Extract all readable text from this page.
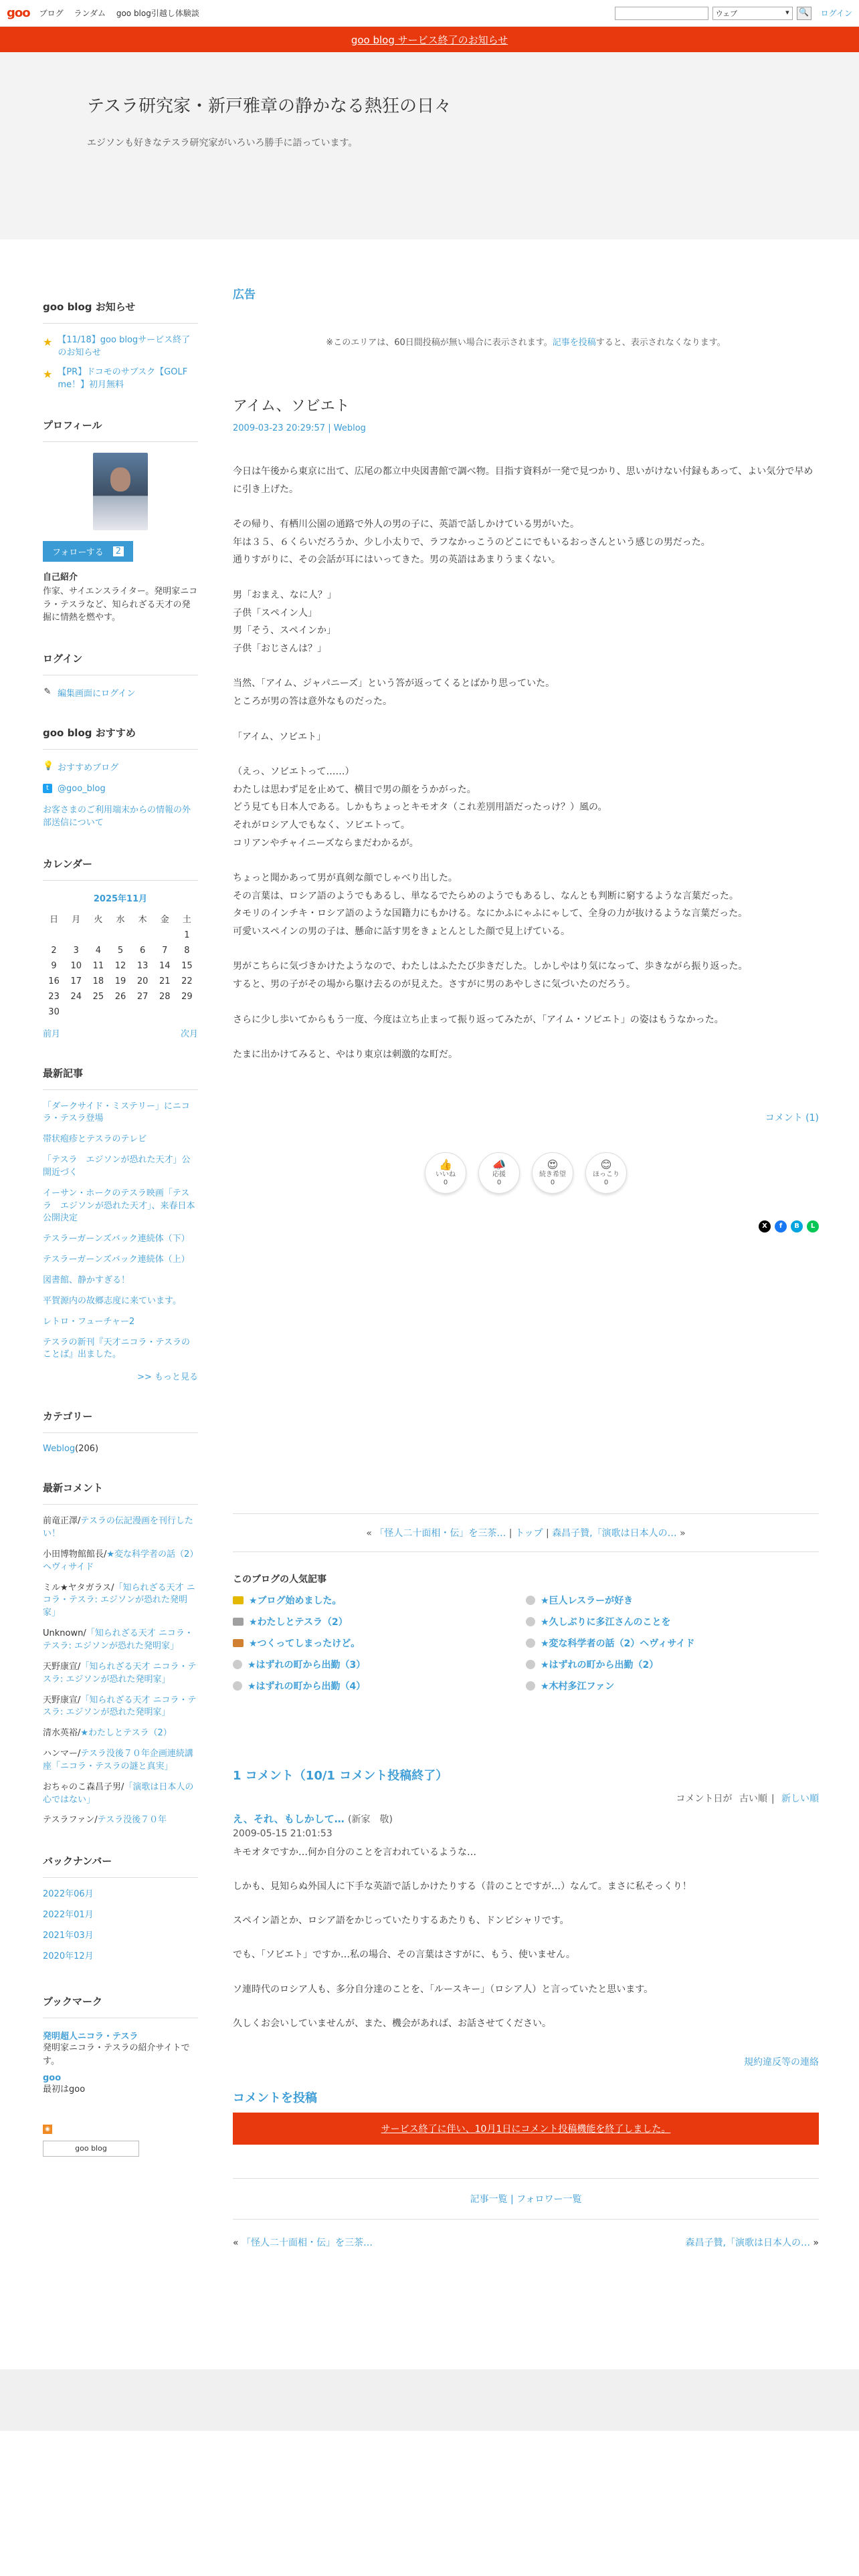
goo ブログ ランダム goo blog引越し体験談	ウェブ	▾ 🔍 ログイン
goo blog サービス終了のお知らせ
テスラ研究家・新戸雅章の静かなる熱狂の日々

エジソンも好きなテスラ研究家がいろいろ勝手に語っています。

goo blog お知らせ
★ 【11/18】goo blogサービス終了のお知らせ
★ 【PR】ドコモのサブスク【GOLF me！】初月無料
プロフィール
フォローする	2
自己紹介

作家、サイエンスライター。発明家ニコラ・テスラなど、知られざる天才の発掘に情熱を燃やす。

ログイン
✎ 編集画面にログイン
goo blog おすすめ
💡 おすすめブログ
t	@goo_blog
お客さまのご利用端末からの情報の外部送信について
カレンダー
2025年11月
日	月	火	水	木	金	土
						1
2	3	4	5	6	7	8
9	10	11	12	13	14	15
16	17	18	19	20	21	22
23	24	25	26	27	28	29
30						
前月	次月
最新記事
「ダークサイド・ミステリー」にニコラ・テスラ登場
帯状疱疹とテスラのテレビ
「テスラ　エジソンが恐れた天才」公開近づく
イーサン・ホークのテスラ映画「テスラ　エジソンが恐れた天才」、来春日本公開決定
テスラーガーンズバック連続体（下）
テスラーガーンズバック連続体（上）
図書館、静かすぎる！
平賀源内の故郷志度に来ています。
レトロ・フューチャー2
テスラの新刊『天才ニコラ・テスラのことば』出ました。
>> もっと見る
カテゴリー
Weblog(206)
最新コメント
前竜正澤/テスラの伝記漫画を刊行したい！
小田博物館館長/★変な科学者の話（2）ヘヴィサイド
ミル★ヤタガラス/「知られざる天才 ニコラ・テスラ: エジソンが恐れた発明家」
Unknown/「知られざる天才 ニコラ・テスラ: エジソンが恐れた発明家」
天野康宣/「知られざる天才 ニコラ・テスラ: エジソンが恐れた発明家」
天野康宣/「知られざる天才 ニコラ・テスラ: エジソンが恐れた発明家」
清水英裕/★わたしとテスラ（2）
ハンマー/テスラ没後７０年企画連続講座「ニコラ・テスラの謎と真実」
おちゃのこ森昌子男/「演歌は日本人の心ではない」
テスラファン/テスラ没後７０年
バックナンバー
2022年06月
2022年01月
2021年03月
2020年12月
ブックマーク
発明超人ニコラ・テスラ

発明家ニコラ・テスラの紹介サイトです。

goo

最初はgoo

◉
goo blog
広告
※このエリアは、60日間投稿が無い場合に表示されます。記事を投稿すると、表示されなくなります。
アイム、ソビエト
2009-03-23 20:29:57 | Weblog

今日は午後から東京に出て、広尾の都立中央図書館で調べ物。目指す資料が一発で見つかり、思いがけない付録もあって、よい気分で早めに引き上げた。

その帰り、有栖川公園の通路で外人の男の子に、英語で話しかけている男がいた。

年は３５、６くらいだろうか、少し小太りで、ラフなかっこうのどこにでもいるおっさんという感じの男だった。

通りすがりに、その会話が耳にはいってきた。男の英語はあまりうまくない。

男「おまえ、なに人？」

子供「スペイン人」

男「そう、スペインか」

子供「おじさんは？」

当然、「アイム、ジャパニーズ」という答が返ってくるとばかり思っていた。

ところが男の答は意外なものだった。

「アイム、ソビエト」

（えっ、ソビエトって……）

わたしは思わず足を止めて、横目で男の顔をうかがった。

どう見ても日本人である。しかもちょっとキモオタ（これ差別用語だったっけ？）風の。

それがロシア人でもなく、ソビエトって。

コリアンやチャイニーズならまだわかるが。

ちょっと聞かあって男が真剣な顔でしゃべり出した。

その言葉は、ロシア語のようでもあるし、単なるでたらめのようでもあるし、なんとも判断に窮するような言葉だった。

タモリのインチキ・ロシア語のような国籍力にもかける。なにかふにゃふにゃして、全身の力が抜けるような言葉だった。

可愛いスペインの男の子は、懸命に話す男をきょとんとした顔で見上げている。

男がこちらに気づきかけたようなので、わたしはふたたび歩きだした。しかしやはり気になって、歩きながら振り返った。

すると、男の子がその場から駆け去るのが見えた。さすがに男のあやしさに気づいたのだろう。

さらに少し歩いてからもう一度、今度は立ち止まって振り返ってみたが、「アイム・ソビエト」の姿はもうなかった。

たまに出かけてみると、やはり東京は刺激的な町だ。

コメント (1)
👍
いいね
0
📣
応援
0
😍
続き希望
0
😊
ほっこり
0
X	f	B	L
« 「怪人二十面相・伝」を三茶… | トップ | 森昌子贊,「演歌は日本人の… »
このブログの人気記事
★ブログ始めました。	★巨人レスラーが好き
★わたしとテスラ（2）	★久しぶりに多江さんのことを
★つくってしまったけど。	★変な科学者の話（2）ヘヴィサイド
★はずれの町から出勤（3）	★はずれの町から出勤（2）
★はずれの町から出勤（4）	★木村多江ファン
1 コメント（10/1 コメント投稿終了）
コメント日が 古い順 | 新しい順
え、それ、もしかして… (新家　敬)
2009-05-15 21:01:53

キモオタですか…何か自分のことを言われているような…

しかも、見知らぬ外国人に下手な英語で話しかけたりする（昔のことですが…）なんて。まさに私そっくり！

スペイン語とか、ロシア語をかじっていたりするあたりも、ドンピシャリです。

でも、「ソビエト」ですか…私の場合、その言葉はさすがに、もう、使いません。

ソ連時代のロシア人も、多分自分達のことを、「ルースキー」（ロシア人）と言っていたと思います。

久しくお会いしていませんが、また、機会があれば、お話させてください。

規約違反等の連絡
コメントを投稿
サービス終了に伴い、10月1日にコメント投稿機能を終了しました。
記事一覧 | フォロワー一覧
« 「怪人二十面相・伝」を三茶…	森昌子贊,「演歌は日本人の… »
